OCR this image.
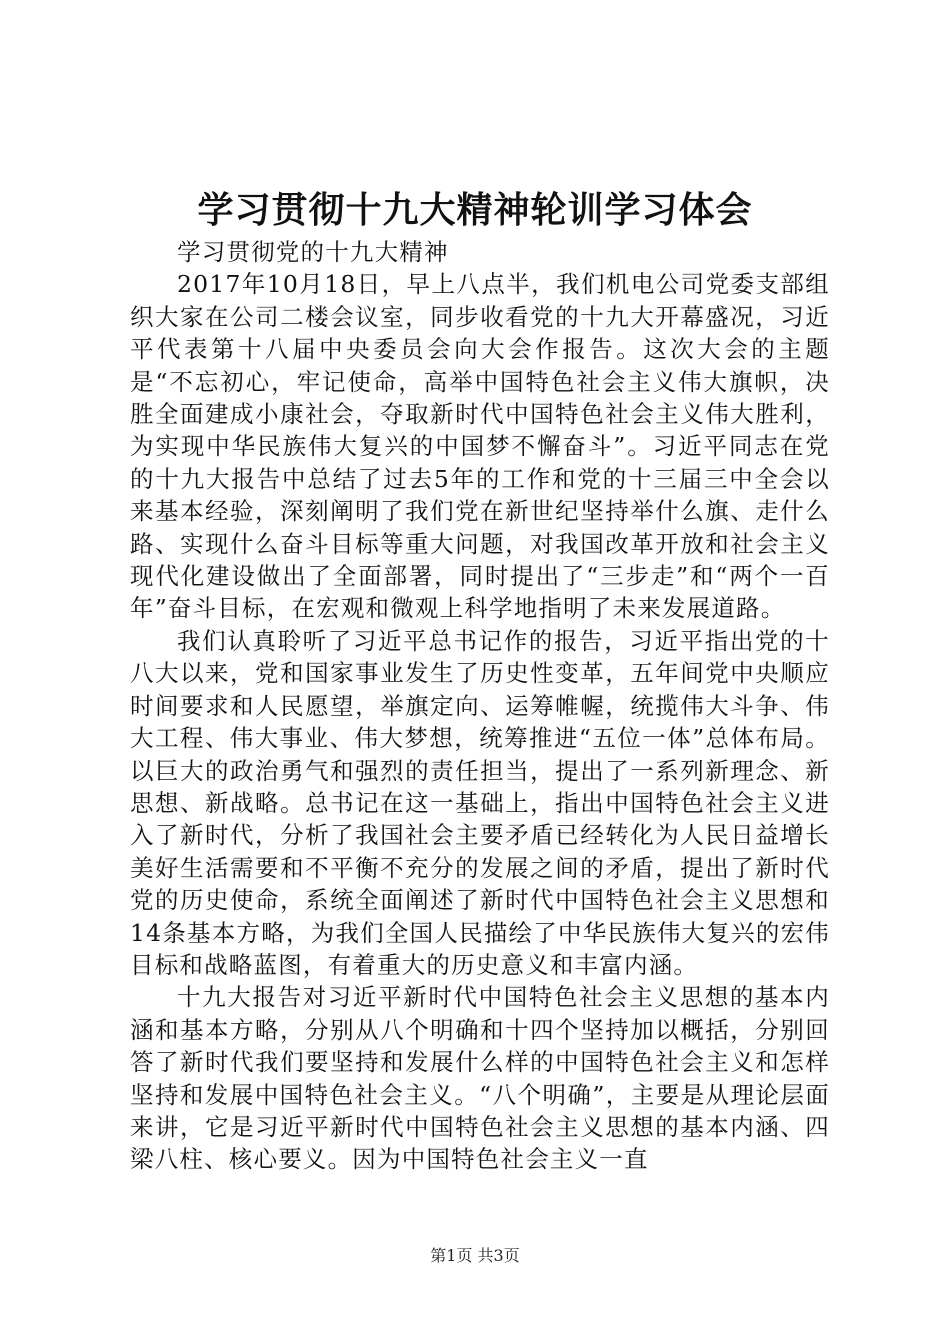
学习贯彻十九大精神轮训学习体会

学习贯彻党的十九大精神

2017年10月18日，早上八点半，我们机电公司党委支部组织大家在公司二楼会议室，同步收看党的十九大开幕盛况，习近平代表第十八届中央委员会向大会作报告。这次大会的主题是“不忘初心，牢记使命，高举中国特色社会主义伟大旗帜，决胜全面建成小康社会，夺取新时代中国特色社会主义伟大胜利，为实现中华民族伟大复兴的中国梦不懈奋斗”。习近平同志在党的十九大报告中总结了过去5年的工作和党的十三届三中全会以来基本经验，深刻阐明了我们党在新世纪坚持举什么旗、走什么路、实现什么奋斗目标等重大问题，对我国改革开放和社会主义现代化建设做出了全面部署，同时提出了“三步走”和“两个一百年”奋斗目标，在宏观和微观上科学地指明了未来发展道路。

我们认真聆听了习近平总书记作的报告，习近平指出党的十八大以来，党和国家事业发生了历史性变革，五年间党中央顺应时间要求和人民愿望，举旗定向、运筹帷幄，统揽伟大斗争、伟大工程、伟大事业、伟大梦想，统筹推进“五位一体”总体布局。以巨大的政治勇气和强烈的责任担当，提出了一系列新理念、新思想、新战略。总书记在这一基础上，指出中国特色社会主义进入了新时代，分析了我国社会主要矛盾已经转化为人民日益增长美好生活需要和不平衡不充分的发展之间的矛盾，提出了新时代党的历史使命，系统全面阐述了新时代中国特色社会主义思想和14条基本方略，为我们全国人民描绘了中华民族伟大复兴的宏伟目标和战略蓝图，有着重大的历史意义和丰富内涵。

十九大报告对习近平新时代中国特色社会主义思想的基本内涵和基本方略，分别从八个明确和十四个坚持加以概括，分别回答了新时代我们要坚持和发展什么样的中国特色社会主义和怎样坚持和发展中国特色社会主义。“八个明确”，主要是从理论层面来讲，它是习近平新时代中国特色社会主义思想的基本内涵、四梁八柱、核心要义。因为中国特色社会主义一直

第1页 共3页
